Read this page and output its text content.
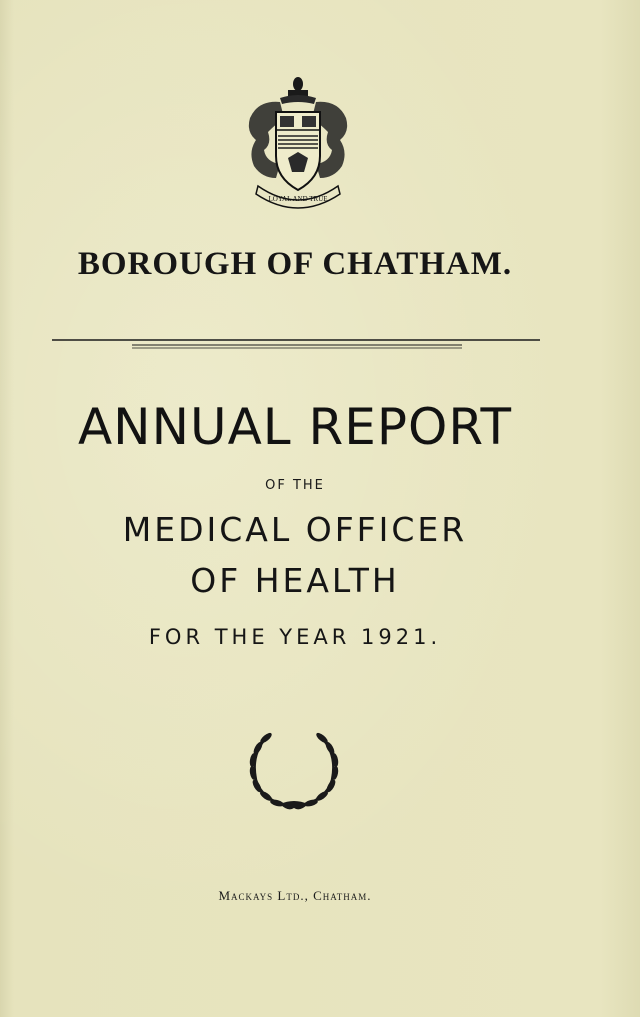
LOYAL AND TRUE
BOROUGH OF CHATHAM.
ANNUAL REPORT
OF THE
MEDICAL OFFICER
OF HEALTH
FOR THE YEAR 1921.
Mackays Ltd., Chatham.
